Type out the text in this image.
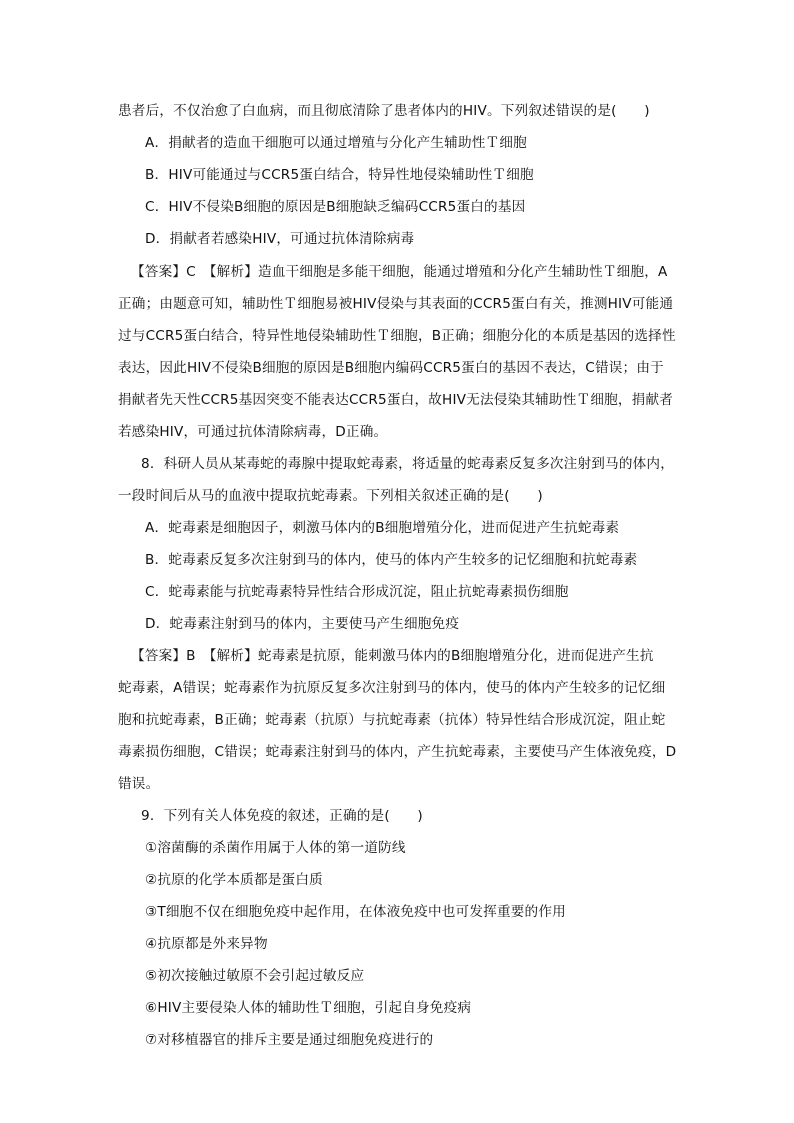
患者后，不仅治愈了白血病，而且彻底清除了患者体内的HIV。下列叙述错误的是(　　)
A．捐献者的造血干细胞可以通过增殖与分化产生辅助性Ｔ细胞
B．HIV可能通过与CCR5蛋白结合，特异性地侵染辅助性Ｔ细胞
C．HIV不侵染B细胞的原因是B细胞缺乏编码CCR5蛋白的基因
D．捐献者若感染HIV，可通过抗体清除病毒
【答案】C　【解析】造血干细胞是多能干细胞，能通过增殖和分化产生辅助性Ｔ细胞，A
正确；由题意可知，辅助性Ｔ细胞易被HIV侵染与其表面的CCR5蛋白有关，推测HIV可能通
过与CCR5蛋白结合，特异性地侵染辅助性Ｔ细胞，B正确；细胞分化的本质是基因的选择性
表达，因此HIV不侵染B细胞的原因是B细胞内编码CCR5蛋白的基因不表达，C错误；由于
捐献者先天性CCR5基因突变不能表达CCR5蛋白，故HIV无法侵染其辅助性Ｔ细胞，捐献者
若感染HIV，可通过抗体清除病毒，D正确。
8．科研人员从某毒蛇的毒腺中提取蛇毒素，将适量的蛇毒素反复多次注射到马的体内，
一段时间后从马的血液中提取抗蛇毒素。下列相关叙述正确的是(　　)
A．蛇毒素是细胞因子，刺激马体内的B细胞增殖分化，进而促进产生抗蛇毒素
B．蛇毒素反复多次注射到马的体内，使马的体内产生较多的记忆细胞和抗蛇毒素
C．蛇毒素能与抗蛇毒素特异性结合形成沉淀，阻止抗蛇毒素损伤细胞
D．蛇毒素注射到马的体内，主要使马产生细胞免疫
【答案】B　【解析】蛇毒素是抗原，能刺激马体内的B细胞增殖分化，进而促进产生抗
蛇毒素，A错误；蛇毒素作为抗原反复多次注射到马的体内，使马的体内产生较多的记忆细
胞和抗蛇毒素，B正确；蛇毒素（抗原）与抗蛇毒素（抗体）特异性结合形成沉淀，阻止蛇
毒素损伤细胞，C错误；蛇毒素注射到马的体内，产生抗蛇毒素，主要使马产生体液免疫，D
错误。
9．下列有关人体免疫的叙述，正确的是(　　)
①溶菌酶的杀菌作用属于人体的第一道防线
②抗原的化学本质都是蛋白质
③T细胞不仅在细胞免疫中起作用，在体液免疫中也可发挥重要的作用
④抗原都是外来异物
⑤初次接触过敏原不会引起过敏反应
⑥HIV主要侵染人体的辅助性Ｔ细胞，引起自身免疫病
⑦对移植器官的排斥主要是通过细胞免疫进行的
